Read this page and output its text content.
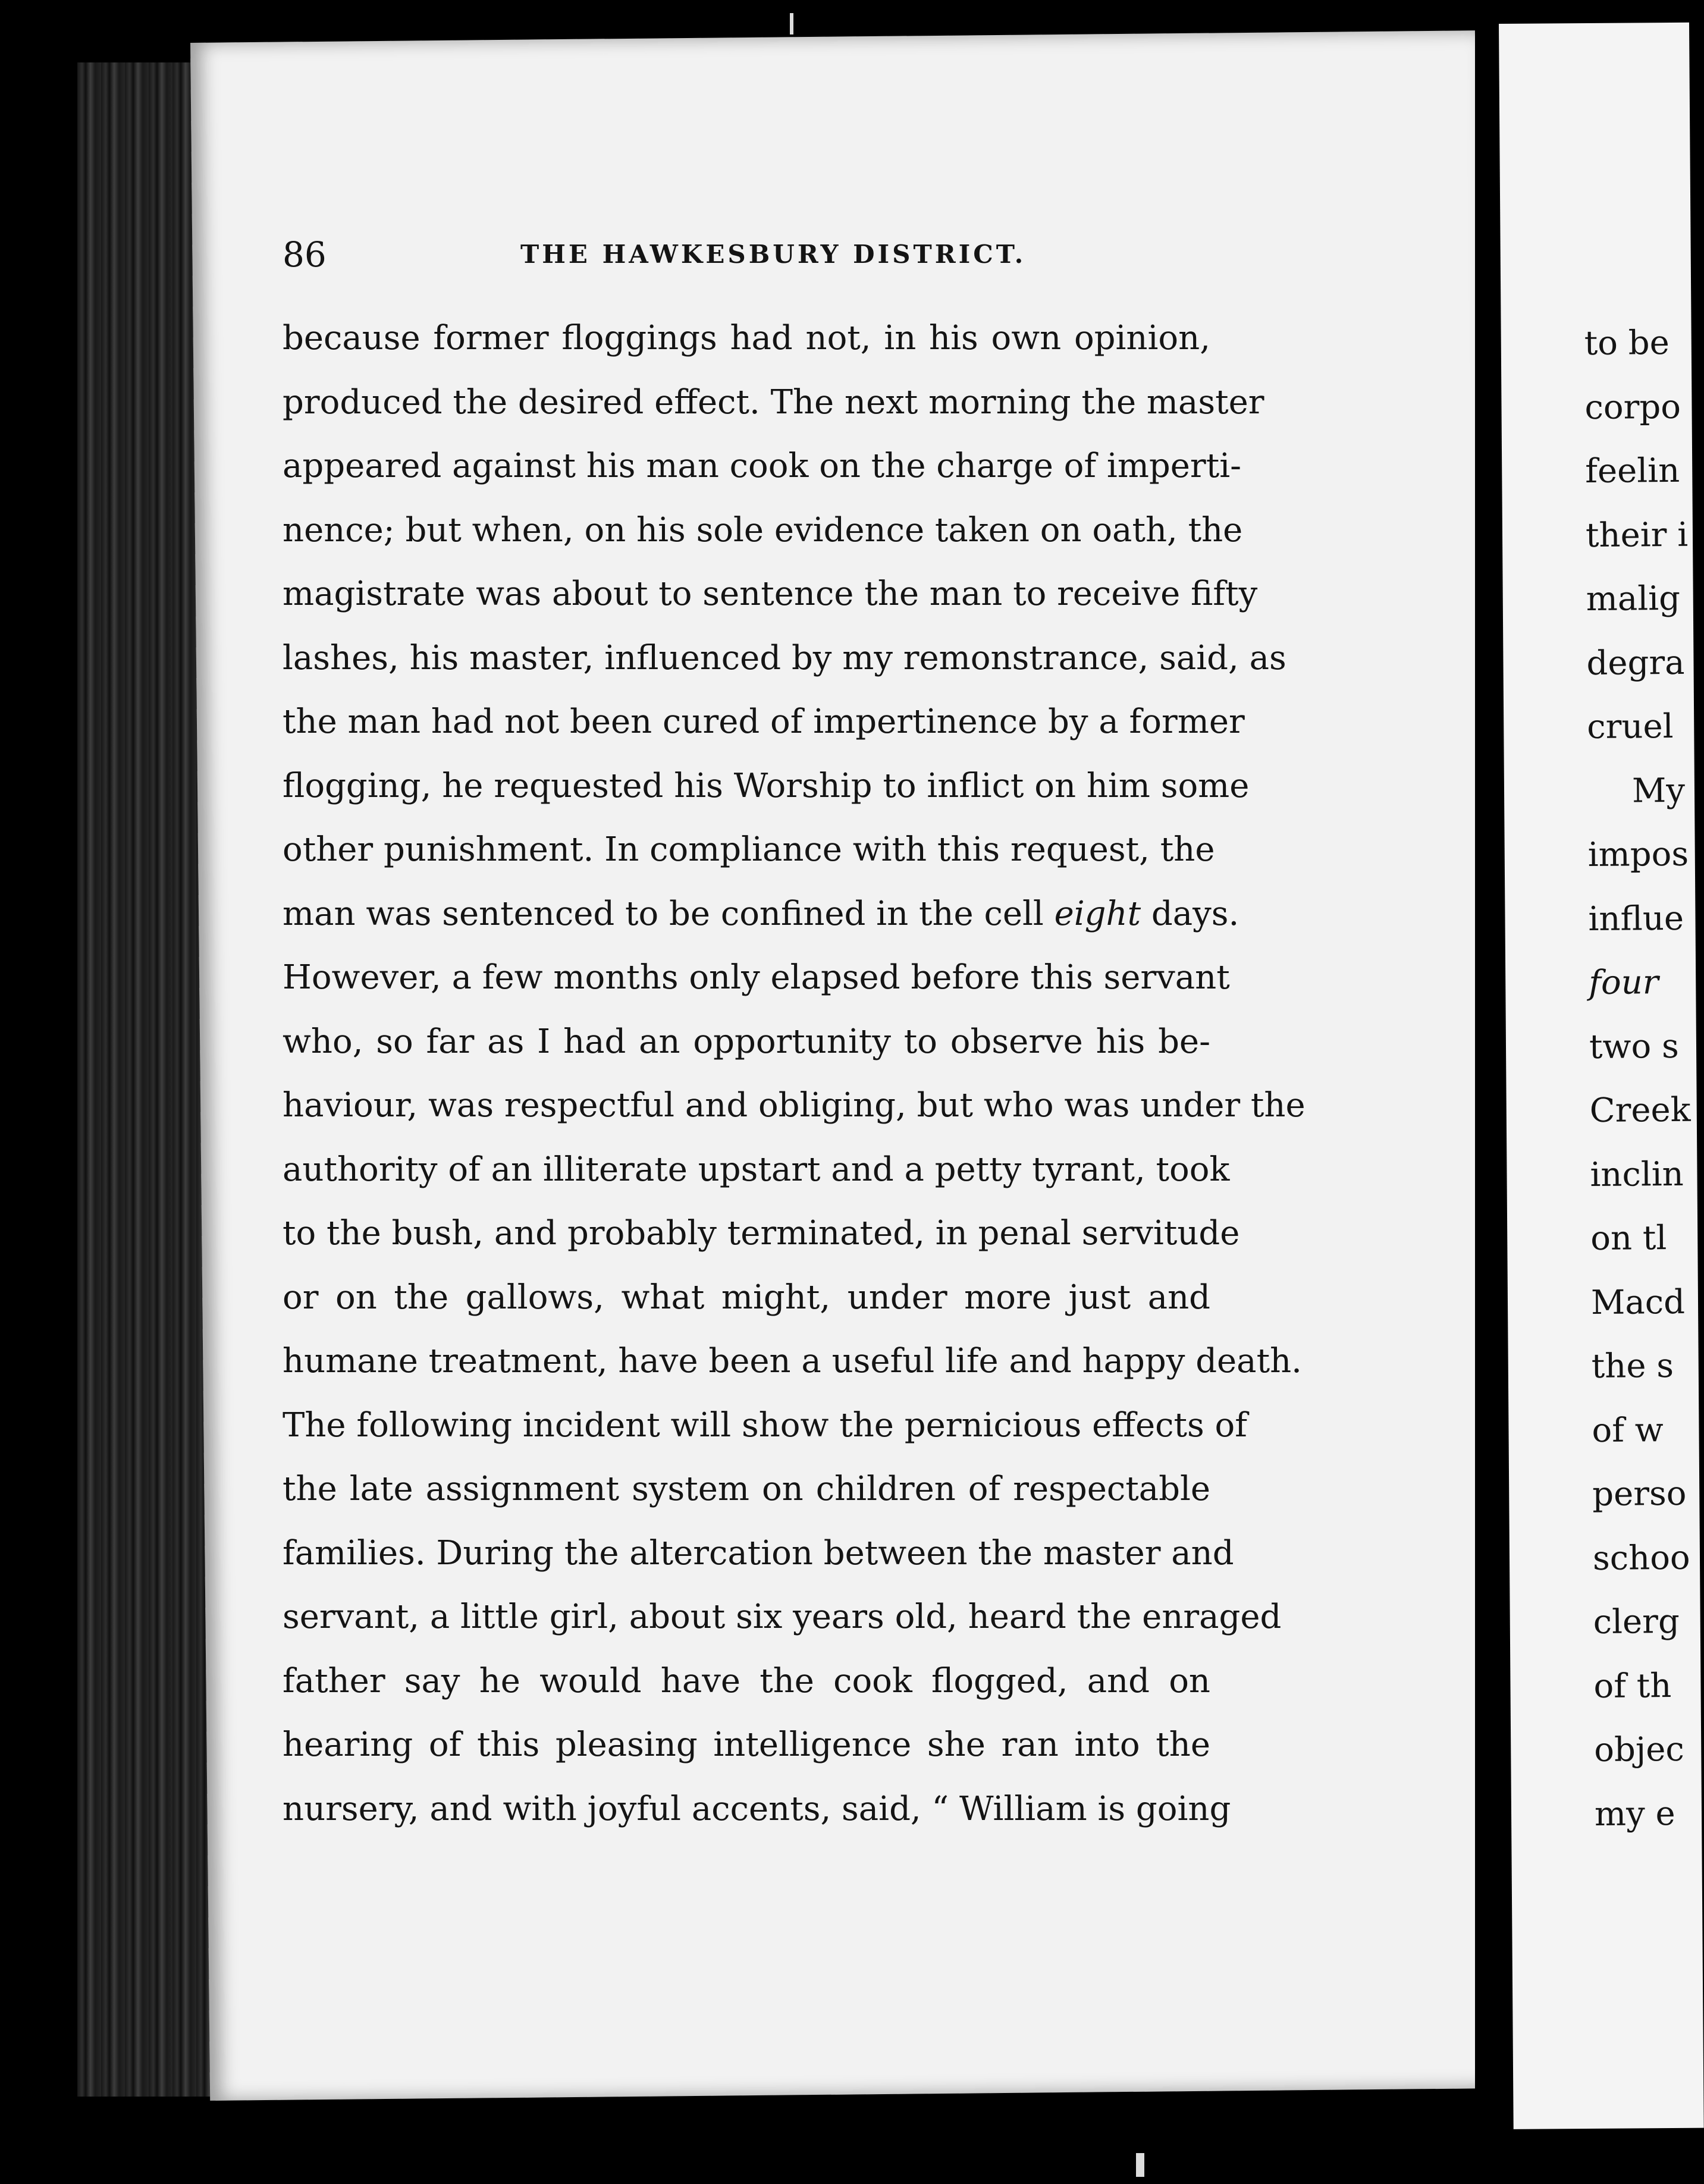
to be
corpo
feelin
their i
malig
degra
cruel
My
impos
influe
four
two s
Creek
inclin
on tl
Macd
the s
of w
perso
schoo
clerg
of th
objec
my e
86	THE HAWKESBURY DISTRICT.
because former floggings had not, in his own opinion,
produced the desired effect. The next morning the master
appeared against his man cook on the charge of imperti-
nence; but when, on his sole evidence taken on oath, the
magistrate was about to sentence the man to receive fifty
lashes, his master, influenced by my remonstrance, said, as
the man had not been cured of impertinence by a former
flogging, he requested his Worship to inflict on him some
other punishment. In compliance with this request, the
man was sentenced to be confined in the cell eight days.
However, a few months only elapsed before this servant
who, so far as I had an opportunity to observe his be-
haviour, was respectful and obliging, but who was under the
authority of an illiterate upstart and a petty tyrant, took
to the bush, and probably terminated, in penal servitude
or on the gallows, what might, under more just and
humane treatment, have been a useful life and happy death.
The following incident will show the pernicious effects of
the late assignment system on children of respectable
families. During the altercation between the master and
servant, a little girl, about six years old, heard the enraged
father say he would have the cook flogged, and on
hearing of this pleasing intelligence she ran into the
nursery, and with joyful accents, said, “ William is going
